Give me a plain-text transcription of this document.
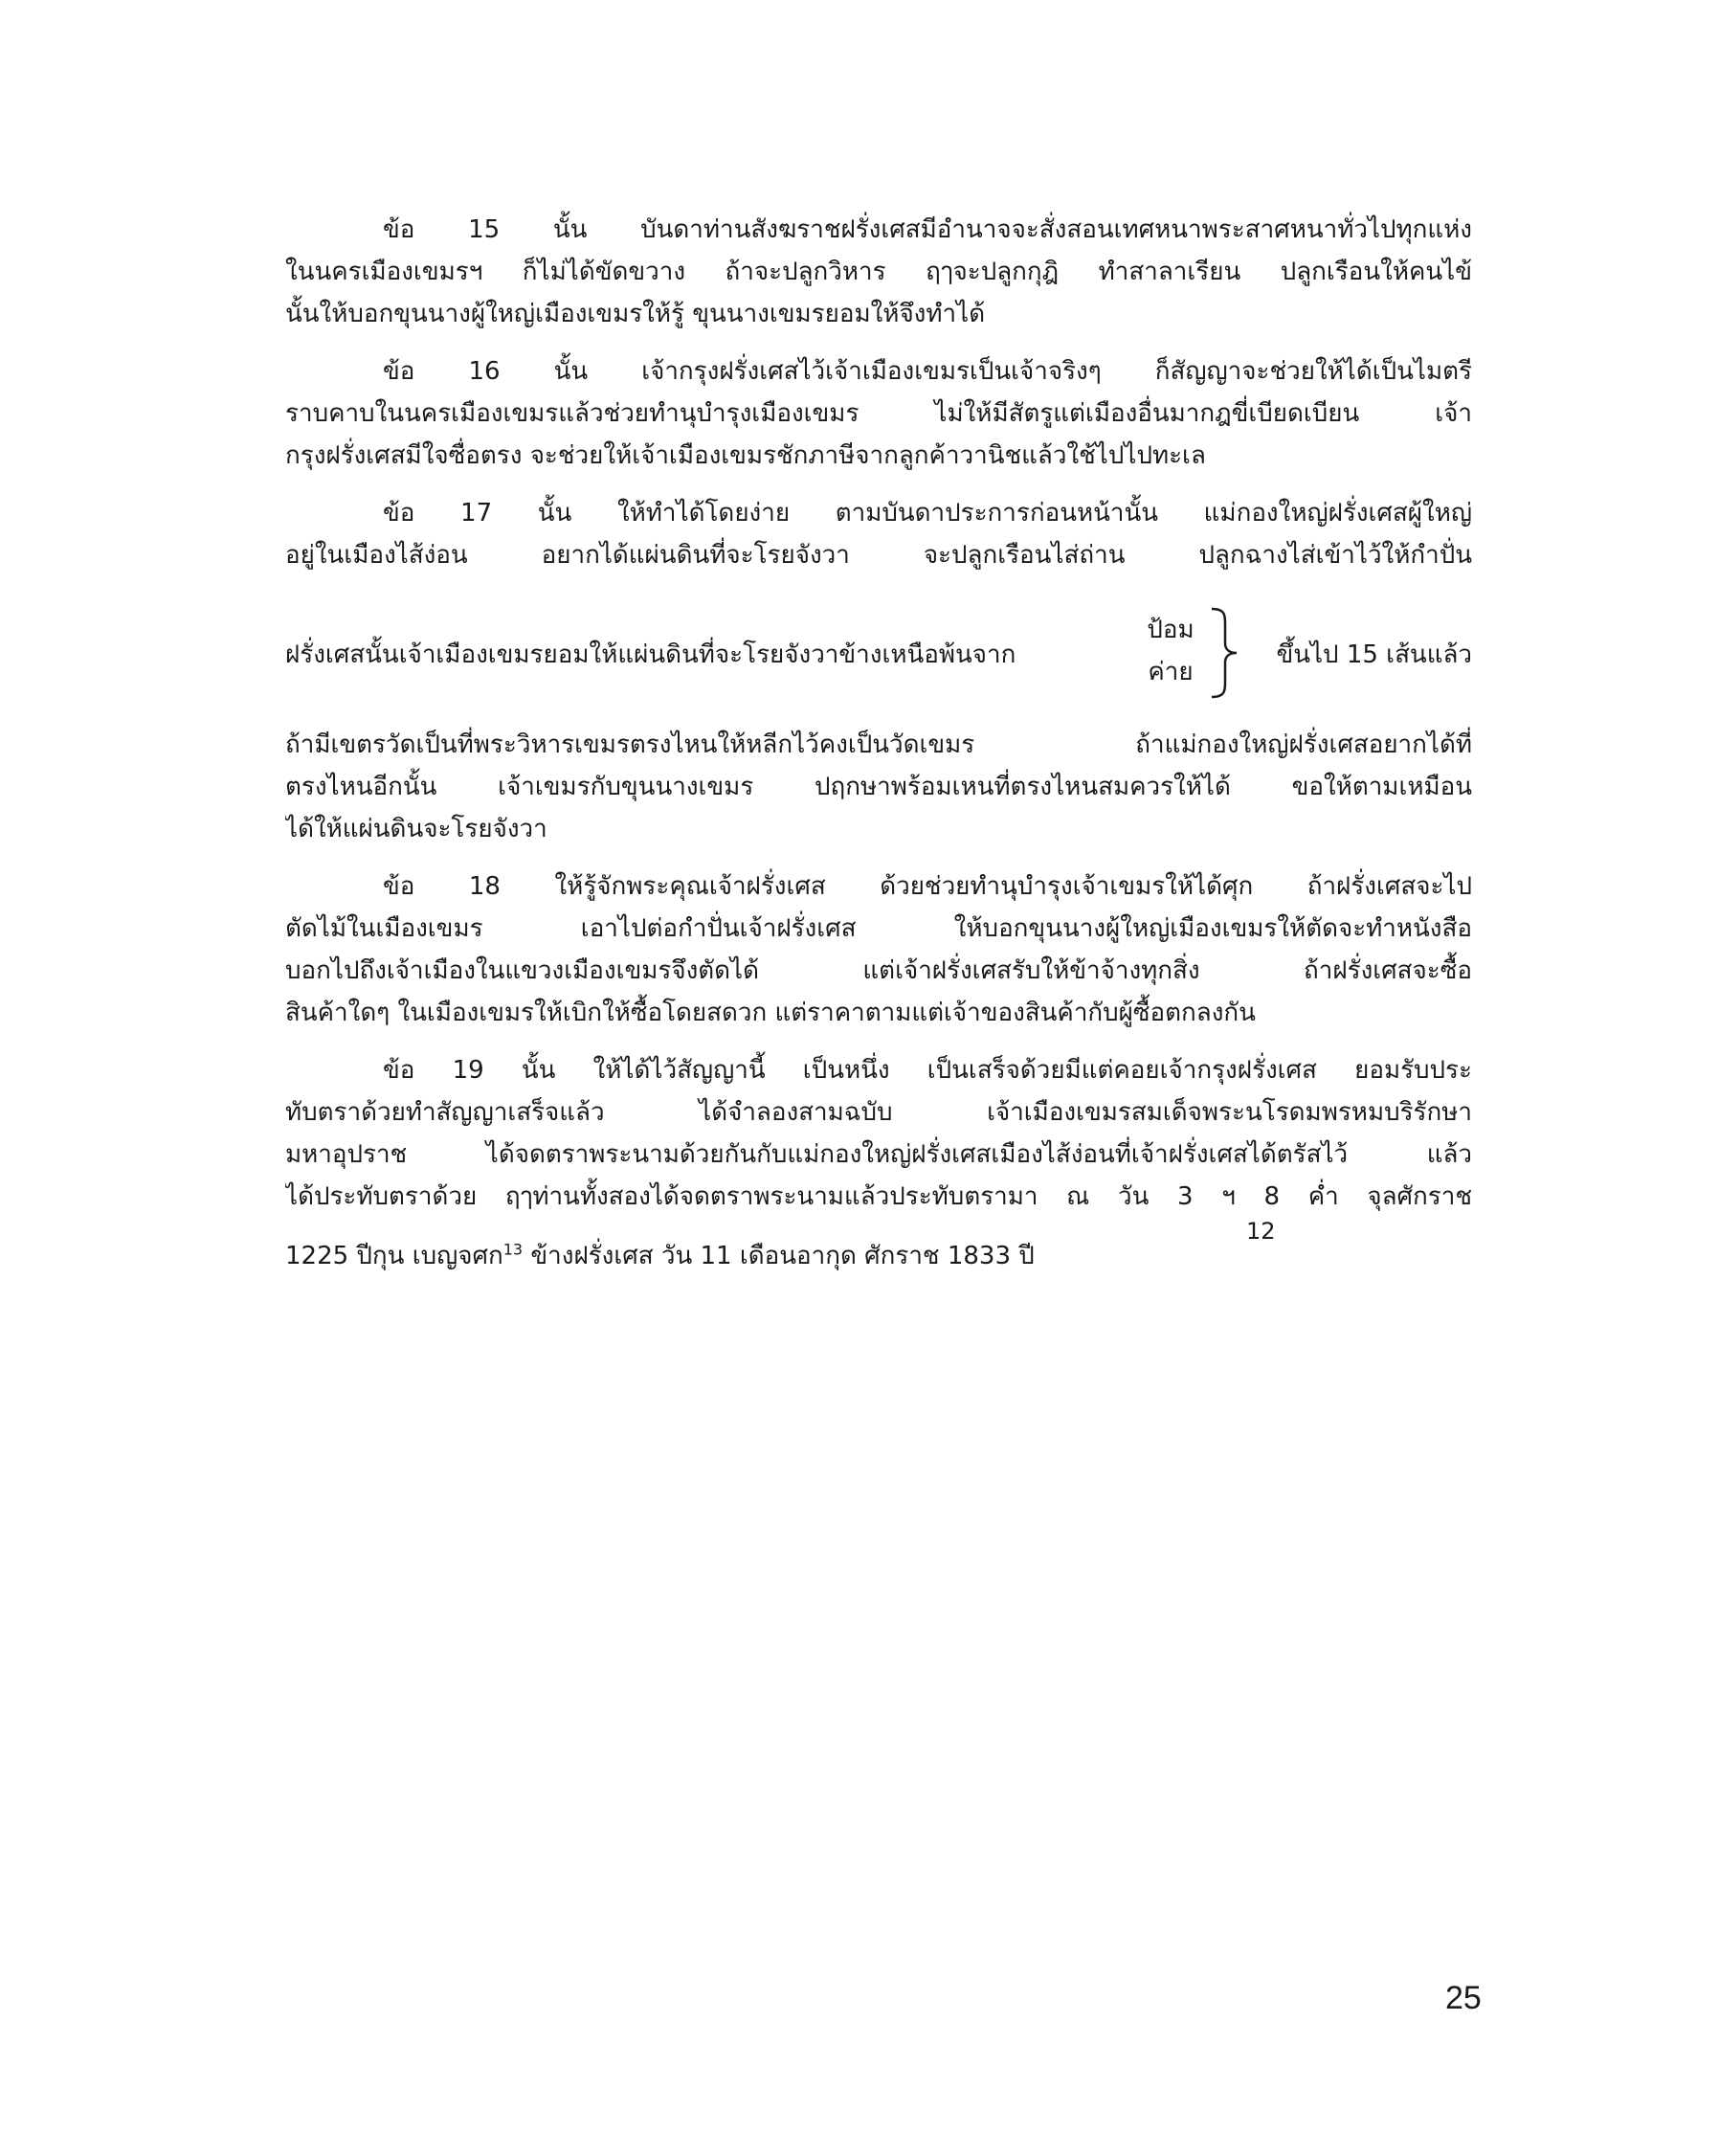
ข้อ 15 นั้น บันดาท่านสังฆราชฝรั่งเศสมีอำนาจจะสั่งสอนเทศหนาพระสาศหนาทั่วไปทุกแห่ง
ในนครเมืองเขมรฯ ก็ไม่ได้ขัดขวาง ถ้าจะปลูกวิหาร ฤๅจะปลูกกุฎิ ทำสาลาเรียน ปลูกเรือนให้คนไข้
นั้นให้บอกขุนนางผู้ใหญ่เมืองเขมรให้รู้ ขุนนางเขมรยอมให้จึงทำได้
ข้อ 16 นั้น เจ้ากรุงฝรั่งเศสไว้เจ้าเมืองเขมรเป็นเจ้าจริงๆ ก็สัญญาจะช่วยให้ได้เป็นไมตรี
ราบคาบในนครเมืองเขมรแล้วช่วยทำนุบำรุงเมืองเขมร ไม่ให้มีสัตรูแต่เมืองอื่นมากฎขี่เบียดเบียน เจ้า
กรุงฝรั่งเศสมีใจซื่อตรง จะช่วยให้เจ้าเมืองเขมรชักภาษีจากลูกค้าวานิชแล้วใช้ไปไปทะเล
ข้อ 17 นั้น ให้ทำได้โดยง่าย ตามบันดาประการก่อนหน้านั้น แม่กองใหญ่ฝรั่งเศสผู้ใหญ่
อยู่ในเมืองไส้ง่อน อยากได้แผ่นดินที่จะโรยจังวา จะปลูกเรือนไส่ถ่าน ปลูกฉางไส่เข้าไว้ให้กำปั่น
ฝรั่งเศสนั้นเจ้าเมืองเขมรยอมให้แผ่นดินที่จะโรยจังวาข้างเหนือพ้นจาก
ป้อม
ค่าย
ขึ้นไป 15 เส้นแล้ว
ถ้ามีเขตรวัดเป็นที่พระวิหารเขมรตรงไหนให้หลีกไว้คงเป็นวัดเขมร ถ้าแม่กองใหญ่ฝรั่งเศสอยากได้ที่
ตรงไหนอีกนั้น เจ้าเขมรกับขุนนางเขมร ปฤกษาพร้อมเหนที่ตรงไหนสมควรให้ได้ ขอให้ตามเหมือน
ได้ให้แผ่นดินจะโรยจังวา
ข้อ 18 ให้รู้จักพระคุณเจ้าฝรั่งเศส ด้วยช่วยทำนุบำรุงเจ้าเขมรให้ได้ศุก ถ้าฝรั่งเศสจะไป
ตัดไม้ในเมืองเขมร เอาไปต่อกำปั่นเจ้าฝรั่งเศส ให้บอกขุนนางผู้ใหญ่เมืองเขมรให้ตัดจะทำหนังสือ
บอกไปถึงเจ้าเมืองในแขวงเมืองเขมรจึงตัดได้ แต่เจ้าฝรั่งเศสรับให้ข้าจ้างทุกสิ่ง ถ้าฝรั่งเศสจะซื้อ
สินค้าใดๆ ในเมืองเขมรให้เบิกให้ซื้อโดยสดวก แต่ราคาตามแต่เจ้าของสินค้ากับผู้ซื้อตกลงกัน
ข้อ 19 นั้น ให้ได้ไว้สัญญานี้ เป็นหนึ่ง เป็นเสร็จด้วยมีแต่คอยเจ้ากรุงฝรั่งเศส ยอมรับประ
ทับตราด้วยทำสัญญาเสร็จแล้ว ได้จำลองสามฉบับ เจ้าเมืองเขมรสมเด็จพระนโรดมพรหมบริรักษา
มหาอุปราช ได้จดตราพระนามด้วยกันกับแม่กองใหญ่ฝรั่งเศสเมืองไส้ง่อนที่เจ้าฝรั่งเศสได้ตรัสไว้ แล้ว
ได้ประทับตราด้วย ฤๅท่านทั้งสองได้จดตราพระนามแล้วประทับตรามา ณ วัน 3 ฯ 8 ค่ำ จุลศักราช
12
1225 ปีกุน เบญจศก$^{13}$ ข้างฝรั่งเศส วัน 11 เดือนอากุด ศักราช 1833 ปี
25
